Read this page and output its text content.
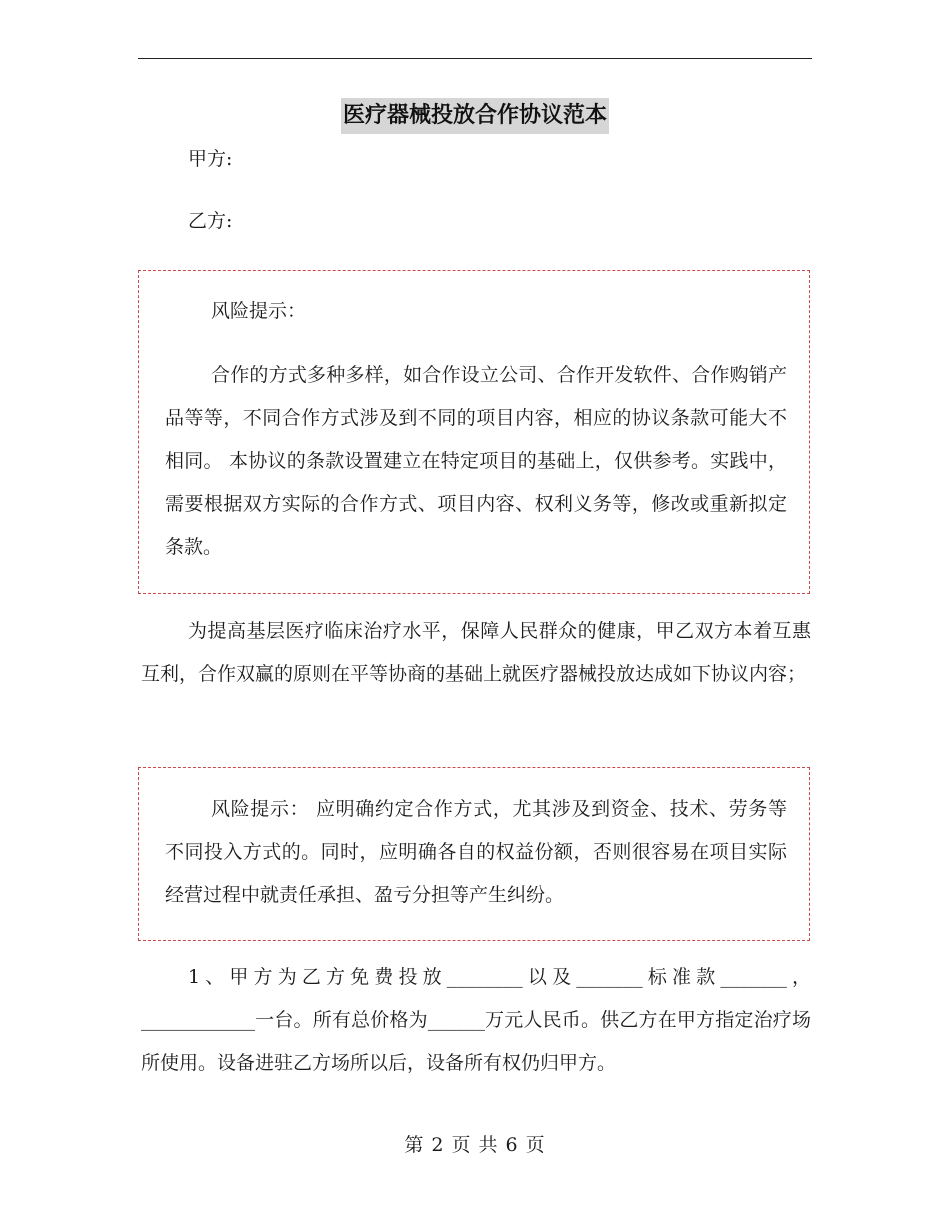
医疗器械投放合作协议范本
甲方:
乙方:
风险提示：
合作的方式多种多样，如合作设立公司、合作开发软件、合作购销产品等等，不同合作方式涉及到不同的项目内容，相应的协议条款可能大不相同。 本协议的条款设置建立在特定项目的基础上，仅供参考。实践中，需要根据双方实际的合作方式、项目内容、权利义务等，修改或重新拟定条款。
为提高基层医疗临床治疗水平，保障人民群众的健康，甲乙双方本着互惠互利，合作双赢的原则在平等协商的基础上就医疗器械投放达成如下协议内容；
风险提示： 应明确约定合作方式，尤其涉及到资金、技术、劳务等不同投入方式的。同时，应明确各自的权益份额，否则很容易在项目实际经营过程中就责任承担、盈亏分担等产生纠纷。
1、甲方为乙方免费投放________以及_______标准款_______，____________一台。所有总价格为______万元人民币。供乙方在甲方指定治疗场所使用。设备进驻乙方场所以后，设备所有权仍归甲方。
第 2 页 共 6 页
